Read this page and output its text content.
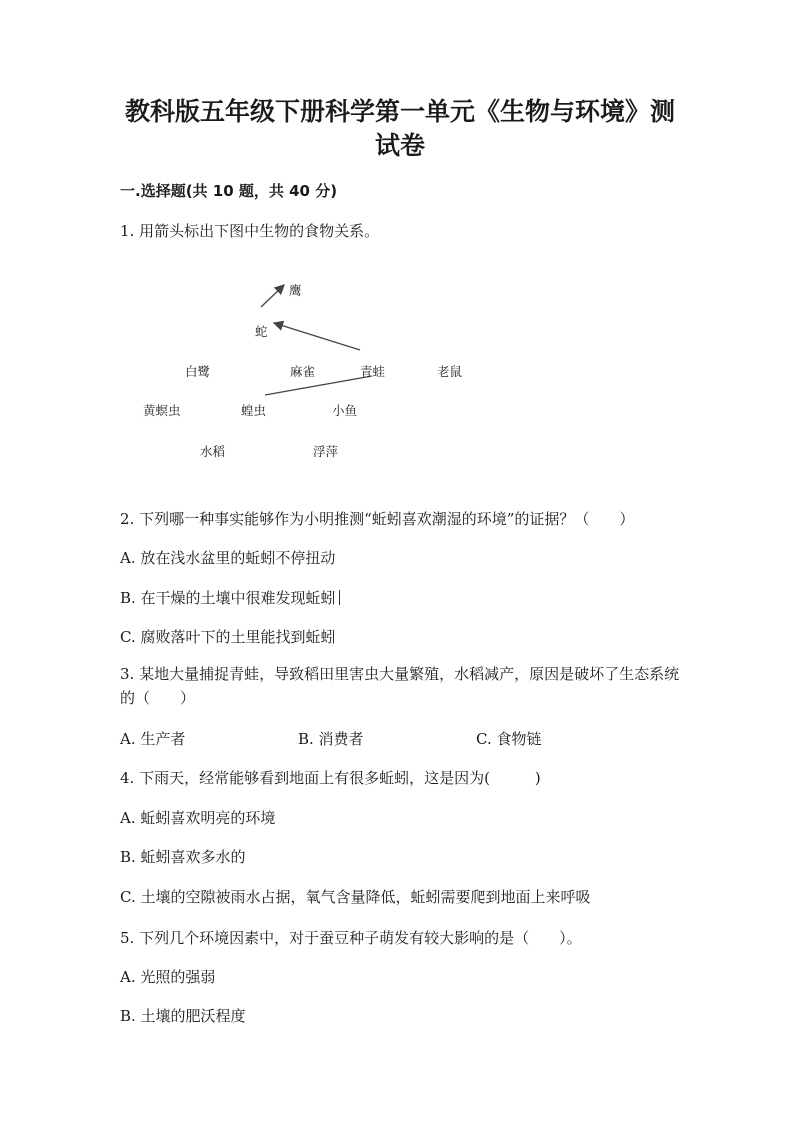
教科版五年级下册科学第一单元《生物与环境》测
试卷
一.选择题(共 10 题，共 40 分)
1. 用箭头标出下图中生物的食物关系。
鹰
蛇
白鹭	麻雀	青蛙	老鼠
黄螟虫	蝗虫	小鱼
水稻	浮萍
2. 下列哪一种事实能够作为小明推测“蚯蚓喜欢潮湿的环境”的证据？（　　）
A. 放在浅水盆里的蚯蚓不停扭动
B. 在干燥的土壤中很难发现蚯蚓
C. 腐败落叶下的土里能找到蚯蚓
3. 某地大量捕捉青蛙，导致稻田里害虫大量繁殖，水稻减产，原因是破坏了生态系统的（　　）
A. 生产者	B. 消费者	C. 食物链
4. 下雨天，经常能够看到地面上有很多蚯蚓，这是因为(　　　)
A. 蚯蚓喜欢明亮的环境
B. 蚯蚓喜欢多水的
C. 土壤的空隙被雨水占据，氧气含量降低，蚯蚓需要爬到地面上来呼吸
5. 下列几个环境因素中，对于蚕豆种子萌发有较大影响的是（　　）。
A. 光照的强弱
B. 土壤的肥沃程度
